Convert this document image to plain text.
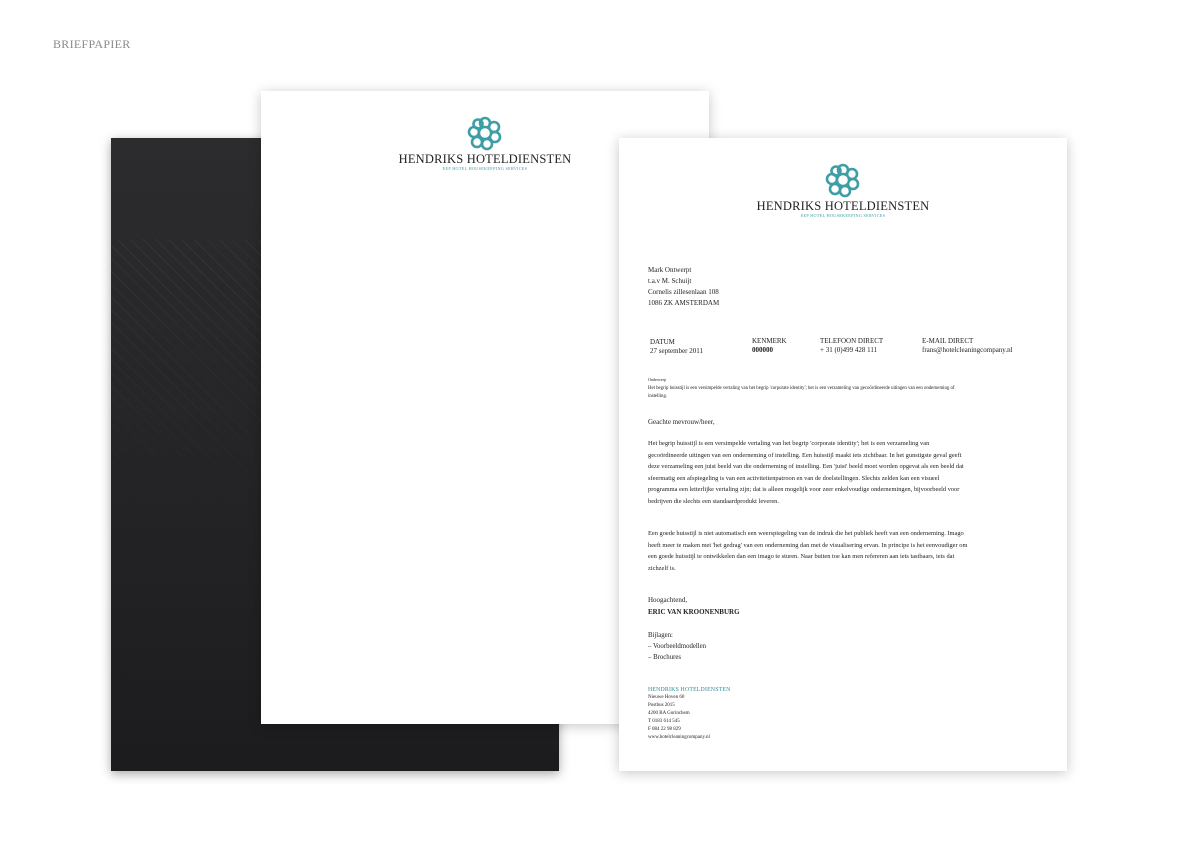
BRIEFPAPIER
HENDRIKS HOTELDIENSTEN
EEP HOTEL HOUSEKEEPING SERVICES
HENDRIKS HOTELDIENSTEN
EEP HOTEL HOUSEKEEPING SERVICES
Mark Ontwerpt
t.a.v M. Schuijt
Cornelis zillesenlaan 108
1086 ZK AMSTERDAM
DATUM
27 september 2011
KENMERK
000000
TELEFOON DIRECT
+ 31 (0)499 428 111
E-MAIL DIRECT
frans@hotelcleaningcompany.nl
Onderwerp
Het begrip huisstijl is een versimpelde vertaling van het begrip 'corporate identity'; het is een verzameling van gecoördineerde uitingen van een onderneming of instelling.
Geachte mevrouw/heer,

Het begrip huisstijl is een versimpelde vertaling van het begrip 'corporate identity'; het is een verzameling van gecoördineerde uitingen van een onderneming of instelling. Een huisstijl maakt iets zichtbaar. In het gunstigste geval geeft deze verzameling een juist beeld van die onderneming of instelling. Een 'juist' beeld moet worden opgevat als een beeld dat sfeermatig een afspiegeling is van een activiteitenpatroon en van de doelstellingen. Slechts zelden kan een visueel programma een letterlijke vertaling zijn; dat is alleen mogelijk voor zeer enkelvoudige ondernemingen, bijvoorbeeld voor bedrijven die slechts een standaardprodukt leveren.

Een goede huisstijl is niet automatisch een weerspiegeling van de indruk die het publiek heeft van een onderneming. Imago heeft meer te maken met 'het gedrag' van een onderneming dan met de visualisering ervan. In principe is het eenvoudiger om een goede huisstijl te ontwikkelen dan een imago te sturen. Naar buiten toe kan men refereren aan iets tastbaars, iets dat zichzelf is.

Hoogachtend,
ERIC VAN KROONENBURG
Bijlagen:
– Voorbeeldmodellen
– Brochures
HENDRIKS HOTELDIENSTEN
Nieuwe Hoven 60
Postbus 2015
4200 BA Gorinchem
T 0183 614 545
F 084 22 98 829
www.hotelcleaningcompany.nl
